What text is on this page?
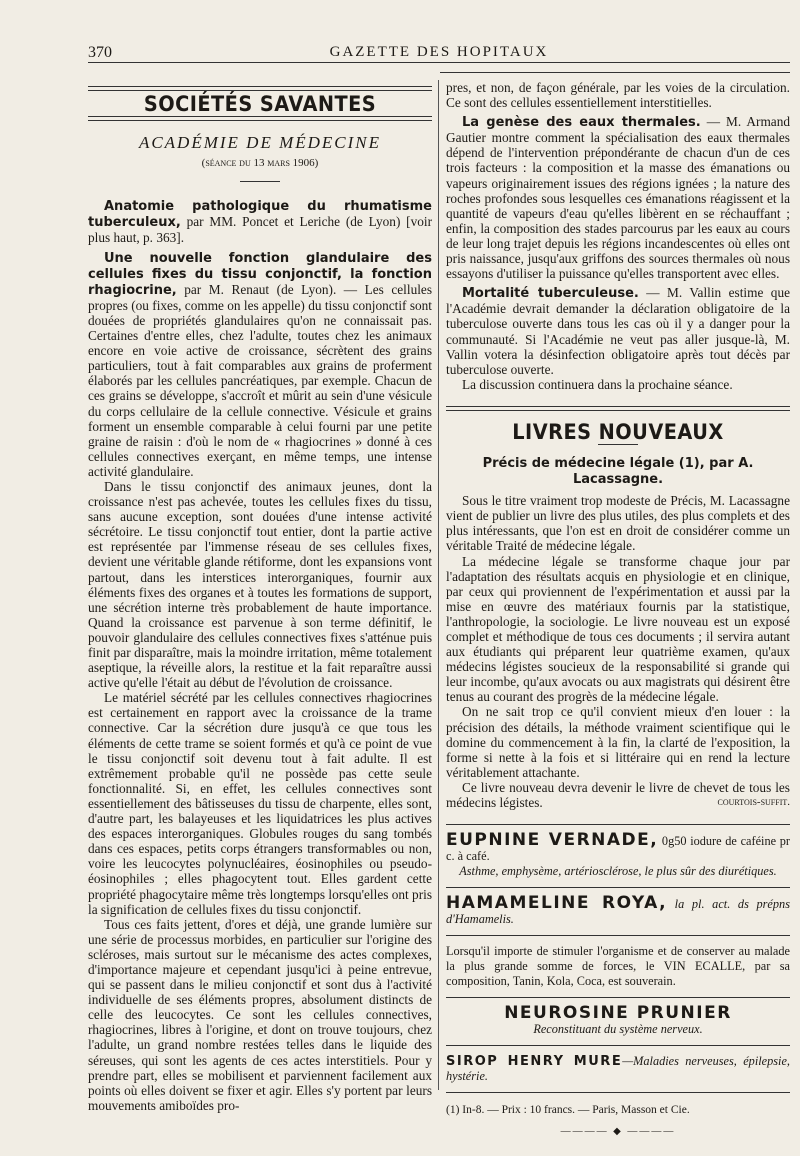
370	GAZETTE DES HOPITAUX
SOCIÉTÉS SAVANTES
ACADÉMIE DE MÉDECINE
(séance du 13 mars 1906)

Anatomie pathologique du rhumatisme tuberculeux, par MM. Poncet et Leriche (de Lyon) [voir plus haut, p. 363].

Une nouvelle fonction glandulaire des cellules fixes du tissu conjonctif, la fonction rhagiocrine, par M. Renaut (de Lyon). — Les cellules propres (ou fixes, comme on les appelle) du tissu conjonctif sont douées de propriétés glandulaires qu'on ne connaissait pas. Certaines d'entre elles, chez l'adulte, toutes chez les animaux encore en voie active de croissance, sécrètent des grains particuliers, tout à fait comparables aux grains de proferment élaborés par les cellules pancréatiques, par exemple. Chacun de ces grains se développe, s'accroît et mûrit au sein d'une vésicule du corps cellulaire de la cellule connective. Vésicule et grains forment un ensemble comparable à celui fourni par une petite graine de raisin : d'où le nom de « rhagiocrines » donné à ces cellules connectives exerçant, en même temps, une intense activité glandulaire.

Dans le tissu conjonctif des animaux jeunes, dont la croissance n'est pas achevée, toutes les cellules fixes du tissu, sans aucune exception, sont douées d'une intense activité sécrétoire. Le tissu conjonctif tout entier, dont la partie active est représentée par l'immense réseau de ses cellules fixes, devient une véritable glande rétiforme, dont les expansions vont partout, dans les interstices interorganiques, fournir aux éléments fixes des organes et à toutes les formations de support, une sécrétion interne très probablement de haute importance. Quand la croissance est parvenue à son terme définitif, le pouvoir glandulaire des cellules connectives fixes s'atténue puis finit par disparaître, mais la moindre irritation, même totalement aseptique, la réveille alors, la restitue et la fait reparaître aussi active qu'elle l'était au début de l'évolution de croissance.

Le matériel sécrété par les cellules connectives rhagiocrines est certainement en rapport avec la croissance de la trame connective. Car la sécrétion dure jusqu'à ce que tous les éléments de cette trame se soient formés et qu'à ce point de vue le tissu conjonctif soit devenu tout à fait adulte. Il est extrêmement probable qu'il ne possède pas cette seule fonctionnalité. Si, en effet, les cellules connectives sont essentiellement des bâtisseuses du tissu de charpente, elles sont, d'autre part, les balayeuses et les liquidatrices les plus actives des espaces interorganiques. Globules rouges du sang tombés dans ces espaces, petits corps étrangers transformables ou non, voire les leucocytes polynucléaires, éosinophiles ou pseudo-éosinophiles ; elles phagocytent tout. Elles gardent cette propriété phagocytaire même très longtemps lorsqu'elles ont pris la signification de cellules fixes du tissu conjonctif.

Tous ces faits jettent, d'ores et déjà, une grande lumière sur une série de processus morbides, en particulier sur l'origine des scléroses, mais surtout sur le mécanisme des actes complexes, d'importance majeure et cependant jusqu'ici à peine entrevue, qui se passent dans le milieu conjonctif et sont dus à l'activité individuelle de ses éléments propres, absolument distincts de celle des leucocytes. Ce sont les cellules connectives, rhagiocrines, libres à l'origine, et dont on trouve toujours, chez l'adulte, un grand nombre restées telles dans le liquide des séreuses, qui sont les agents de ces actes interstitiels. Pour y prendre part, elles se mobilisent et parviennent facilement aux points où elles doivent se fixer et agir. Elles s'y portent par leurs mouvements amiboïdes pro-

pres, et non, de façon générale, par les voies de la circulation. Ce sont des cellules essentiellement interstitielles.

La genèse des eaux thermales. — M. Armand Gautier montre comment la spécialisation des eaux thermales dépend de l'intervention prépondérante de chacun d'un de ces trois facteurs : la composition et la masse des émanations ou vapeurs originairement issues des régions ignées ; la nature des roches profondes sous lesquelles ces émanations réagissent et la quantité de vapeurs d'eau qu'elles libèrent en se réchauffant ; enfin, la composition des stades parcourus par les eaux au cours de leur long trajet depuis les régions incandescentes où elles ont pris naissance, jusqu'aux griffons des sources thermales où nous essayons d'utiliser la puissance qu'elles transportent avec elles.

Mortalité tuberculeuse. — M. Vallin estime que l'Académie devrait demander la déclaration obligatoire de la tuberculose ouverte dans tous les cas où il y a danger pour la communauté. Si l'Académie ne veut pas aller jusque-là, M. Vallin votera la désinfection obligatoire après tout décès par tuberculose ouverte.

La discussion continuera dans la prochaine séance.

LIVRES NOUVEAUX

Précis de médecine légale (1), par A. Lacassagne.

Sous le titre vraiment trop modeste de Précis, M. Lacassagne vient de publier un livre des plus utiles, des plus complets et des plus intéressants, que l'on est en droit de considérer comme un véritable Traité de médecine légale.

La médecine légale se transforme chaque jour par l'adaptation des résultats acquis en physiologie et en clinique, par ceux qui proviennent de l'expérimentation et aussi par la mise en œuvre des matériaux fournis par la statistique, l'anthropologie, la sociologie. Le livre nouveau est un exposé complet et méthodique de tous ces documents ; il servira autant aux étudiants qui préparent leur quatrième examen, qu'aux médecins légistes soucieux de la responsabilité si grande qui leur incombe, qu'aux avocats ou aux magistrats qui désirent être tenus au courant des progrès de la médecine légale.

On ne sait trop ce qu'il convient mieux d'en louer : la précision des détails, la méthode vraiment scientifique qui le domine du commencement à la fin, la clarté de l'exposition, la forme si nette à la fois et si littéraire qui en rend la lecture véritablement attachante.

Ce livre nouveau devra devenir le livre de chevet de tous les médecins légistes.	courtois-suffit.

EUPNINE VERNADE, 0g50 iodure de caféine pr c. à café.

Asthme, emphysème, artériosclérose, le plus sûr des diurétiques.

HAMAMELINE ROYA, la pl. act. ds prépns d'Hamamelis.

Lorsqu'il importe de stimuler l'organisme et de conserver au malade la plus grande somme de forces, le VIN ECALLE, par sa composition, Tanin, Kola, Coca, est souverain.

NEUROSINE PRUNIER

Reconstituant du système nerveux.

SIROP HENRY MURE—Maladies nerveuses, épilepsie, hystérie.

(1) In-8. — Prix : 10 francs. — Paris, Masson et Cie.

———— ◆ ————
